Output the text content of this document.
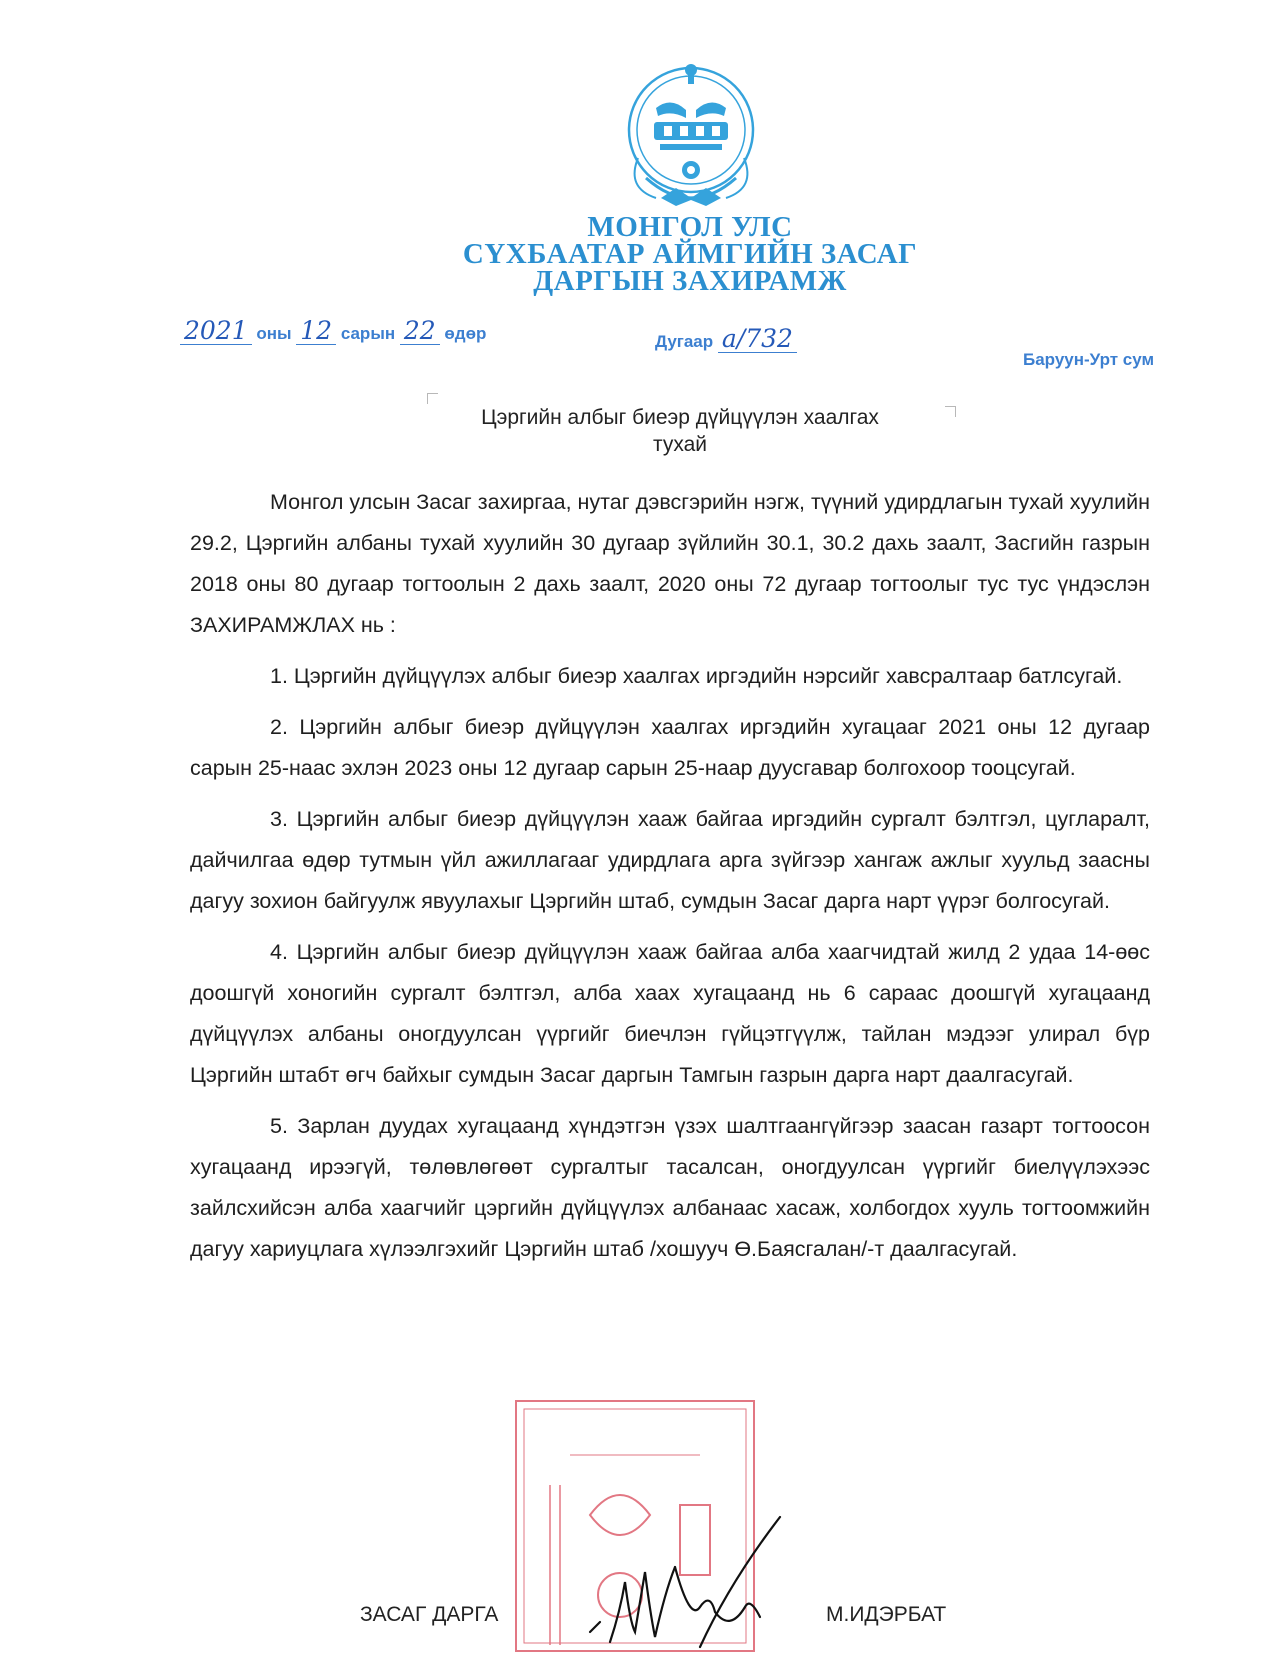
МОНГОЛ УЛС
СҮХБААТАР АЙМГИЙН ЗАСАГ
ДАРГЫН ЗАХИРАМЖ
2021 оны 12 сарын 22 өдөр	Дугаар а/732
Баруун-Урт сум
Цэргийн албыг биеэр дүйцүүлэн хаалгах
тухай

Монгол улсын Засаг захиргаа, нутаг дэвсгэрийн нэгж, түүний удирдлагын тухай хуулийн 29.2, Цэргийн албаны тухай хуулийн 30 дугаар зүйлийн 30.1, 30.2 дахь заалт, Засгийн газрын 2018 оны 80 дугаар тогтоолын 2 дахь заалт, 2020 оны 72 дугаар тогтоолыг тус тус үндэслэн ЗАХИРАМЖЛАХ нь :

1. Цэргийн дүйцүүлэх албыг биеэр хаалгах иргэдийн нэрсийг хавсралтаар батлсугай.

2. Цэргийн албыг биеэр дүйцүүлэн хаалгах иргэдийн хугацааг 2021 оны 12 дугаар сарын 25-наас эхлэн 2023 оны 12 дугаар сарын 25-наар дуусгавар болгохоор тооцсугай.

3. Цэргийн албыг биеэр дүйцүүлэн хааж байгаа иргэдийн сургалт бэлтгэл, цугларалт, дайчилгаа өдөр тутмын үйл ажиллагааг удирдлага арга зүйгээр хангаж ажлыг хуульд заасны дагуу зохион байгуулж явуулахыг Цэргийн штаб, сумдын Засаг дарга нарт үүрэг болгосугай.

4. Цэргийн албыг биеэр дүйцүүлэн хааж байгаа алба хаагчидтай жилд 2 удаа 14-өөс доошгүй хоногийн сургалт бэлтгэл, алба хаах хугацаанд нь 6 сараас доошгүй хугацаанд дүйцүүлэх албаны оногдуулсан үүргийг биечлэн гүйцэтгүүлж, тайлан мэдээг улирал бүр Цэргийн штабт өгч байхыг сумдын Засаг даргын Тамгын газрын дарга нарт даалгасугай.

5. Зарлан дуудах хугацаанд хүндэтгэн үзэх шалтгаангүйгээр заасан газарт тогтоосон хугацаанд ирээгүй, төлөвлөгөөт сургалтыг тасалсан, оногдуулсан үүргийг биелүүлэхээс зайлсхийсэн алба хаагчийг цэргийн дүйцүүлэх албанаас хасаж, холбогдох хууль тогтоомжийн дагуу хариуцлага хүлээлгэхийг Цэргийн штаб /хошууч Ө.Баясгалан/-т даалгасугай.

ЗАСАГ ДАРГА	М.ИДЭРБАТ
